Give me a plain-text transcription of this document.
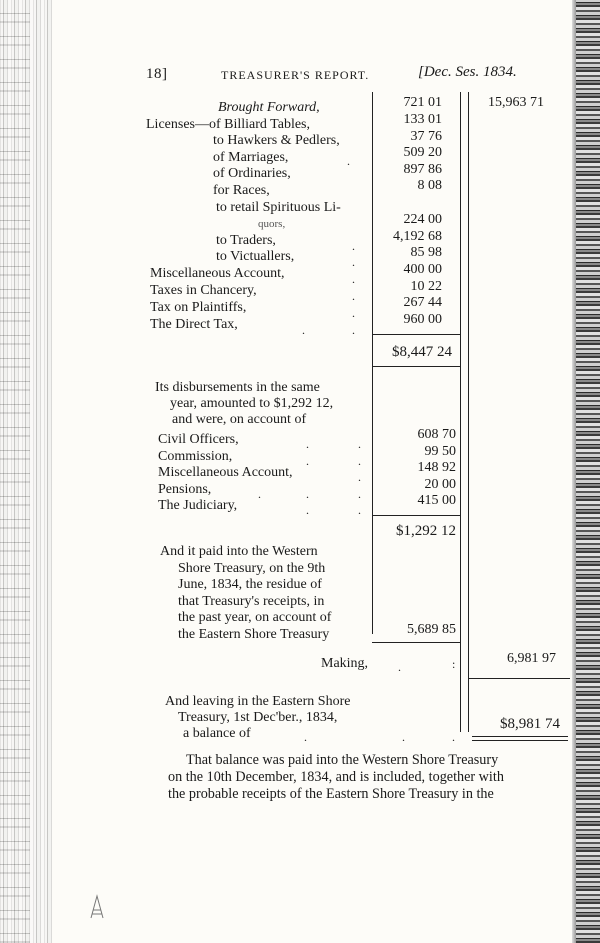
18]	TREASURER'S REPORT.	[Dec. Ses. 1834.
Brought Forward,	721 01	15,963 71
Licenses—of Billiard Tables,	133 01
to Hawkers & Pedlers,	37 76
of Marriages,	509 20
of Ordinaries,	897 86
for Races,	8 08
to retail Spirituous Li-
quors,	224 00
to Traders,	4,192 68
to Victuallers,	85 98
Miscellaneous Account,	400 00
Taxes in Chancery,	10 22
Tax on Plaintiffs,	267 44
The Direct Tax,	960 00
.
.
.
.
.
.
.
.
$8,447 24
Its disbursements in the same
year, amounted to $1,292 12,
and were, on account of
Civil Officers,	608 70
Commission,	99 50
Miscellaneous Account,	148 92
Pensions,	20 00
The Judiciary,	415 00
.	.
.	.
.
.	.	.
.	.
$1,292 12
And it paid into the Western
Shore Treasury, on the 9th
June, 1834, the residue of
that Treasury's receipts, in
the past year, on account of
the Eastern Shore Treasury	5,689 85
Making, .	:	6,981 97
And leaving in the Eastern Shore
Treasury, 1st Dec'ber., 1834,
a balance of	.	.	.
$8,981 74
That balance was paid into the Western Shore Treasury
on the 10th December, 1834, and is included, together with
the probable receipts of the Eastern Shore Treasury in the
